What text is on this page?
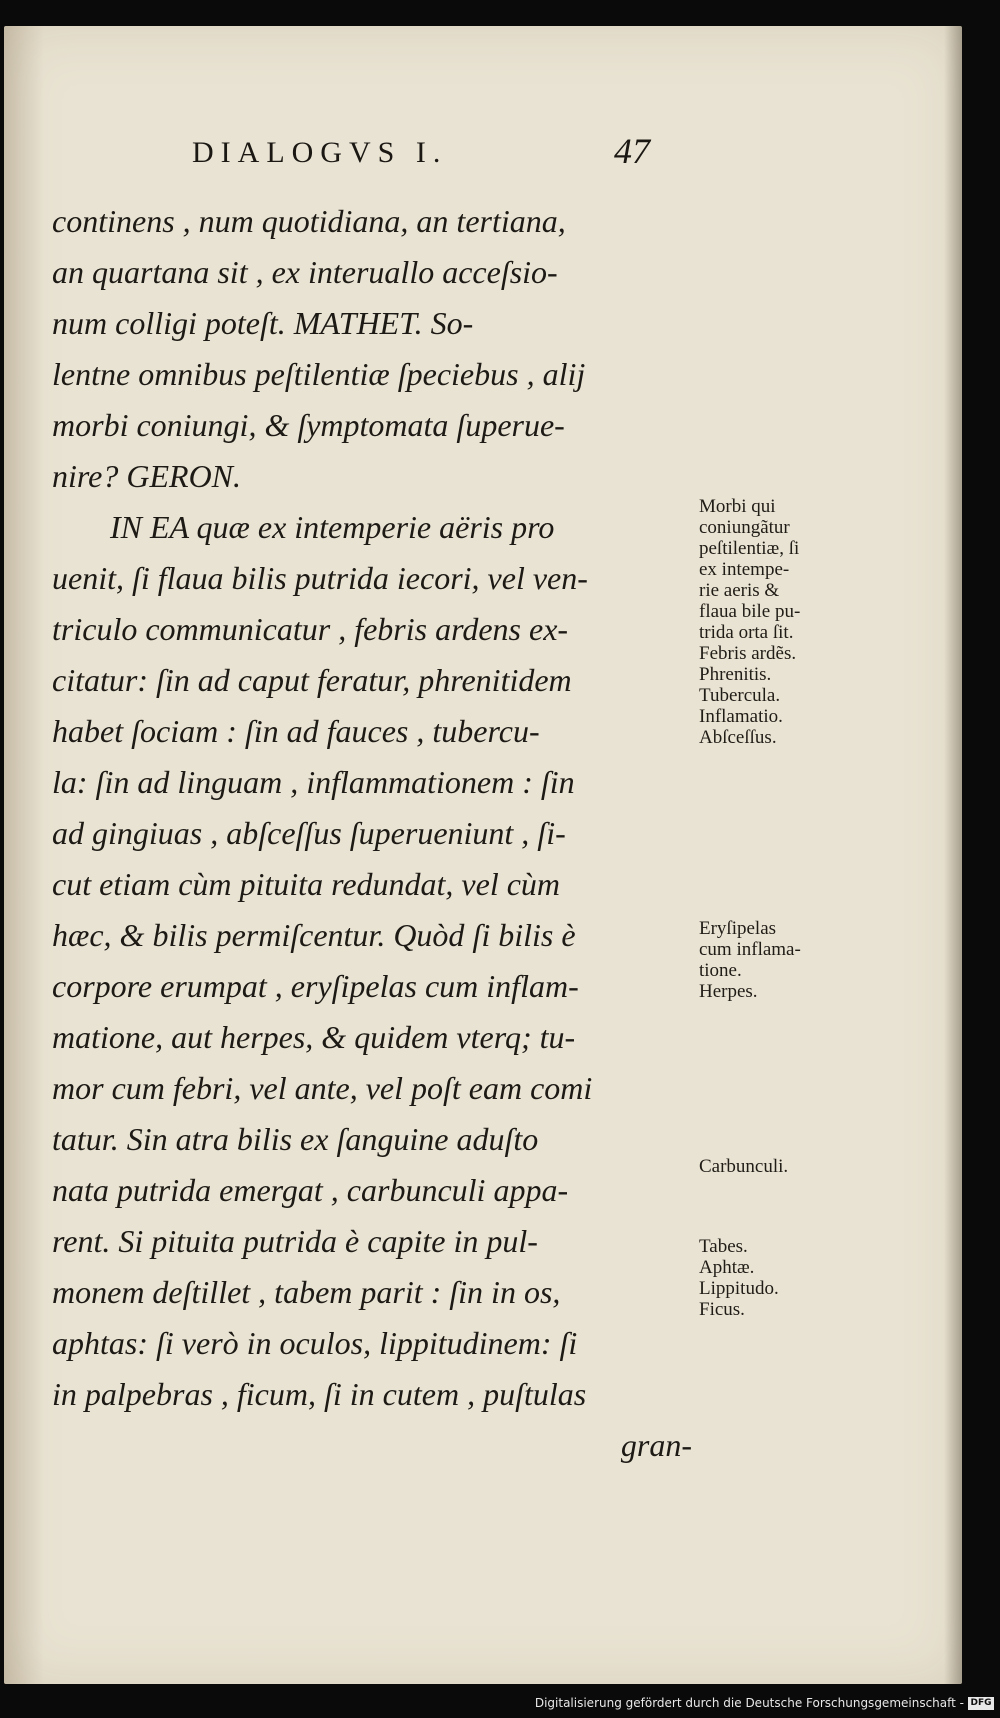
DIALOGVS I.	47
continens , num quotidiana, an tertiana,
an quartana sit , ex interuallo acceſsio-
num colligi poteſt. MATHET. So-
lentne omnibus peſtilentiæ ſpeciebus , alij
morbi coniungi, & ſymptomata ſuperue-
nire? GERON.
IN EA quæ ex intemperie aëris pro
uenit, ſi flaua bilis putrida iecori, vel ven-
triculo communicatur , febris ardens ex-
citatur: ſin ad caput feratur, phrenitidem
habet ſociam : ſin ad fauces , tubercu-
la: ſin ad linguam , inflammationem : ſin
ad gingiuas , abſceſſus ſuperueniunt , ſi-
cut etiam cùm pituita redundat, vel cùm
hæc, & bilis permiſcentur. Quòd ſi bilis è
corpore erumpat , eryſipelas cum inflam-
matione, aut herpes, & quidem vterq; tu-
mor cum febri, vel ante, vel poſt eam comi
tatur. Sin atra bilis ex ſanguine aduſto
nata putrida emergat , carbunculi appa-
rent. Si pituita putrida è capite in pul-
monem deſtillet , tabem parit : ſin in os,
aphtas: ſi verò in oculos, lippitudinem: ſi
in palpebras , ficum, ſi in cutem , puſtulas
gran-
Morbi qui
coniungãtur
peſtilentiæ, ſi
ex intempe-
rie aeris &
flaua bile pu-
trida orta ſit.
Febris ardẽs.
Phrenitis.
Tubercula.
Inflamatio.
Abſceſſus.
Eryſipelas
cum inflama-
tione.
Herpes.
Carbunculi.
Tabes.
Aphtæ.
Lippitudo.
Ficus.
Digitalisierung gefördert durch die Deutsche Forschungsgemeinschaft - DFG
